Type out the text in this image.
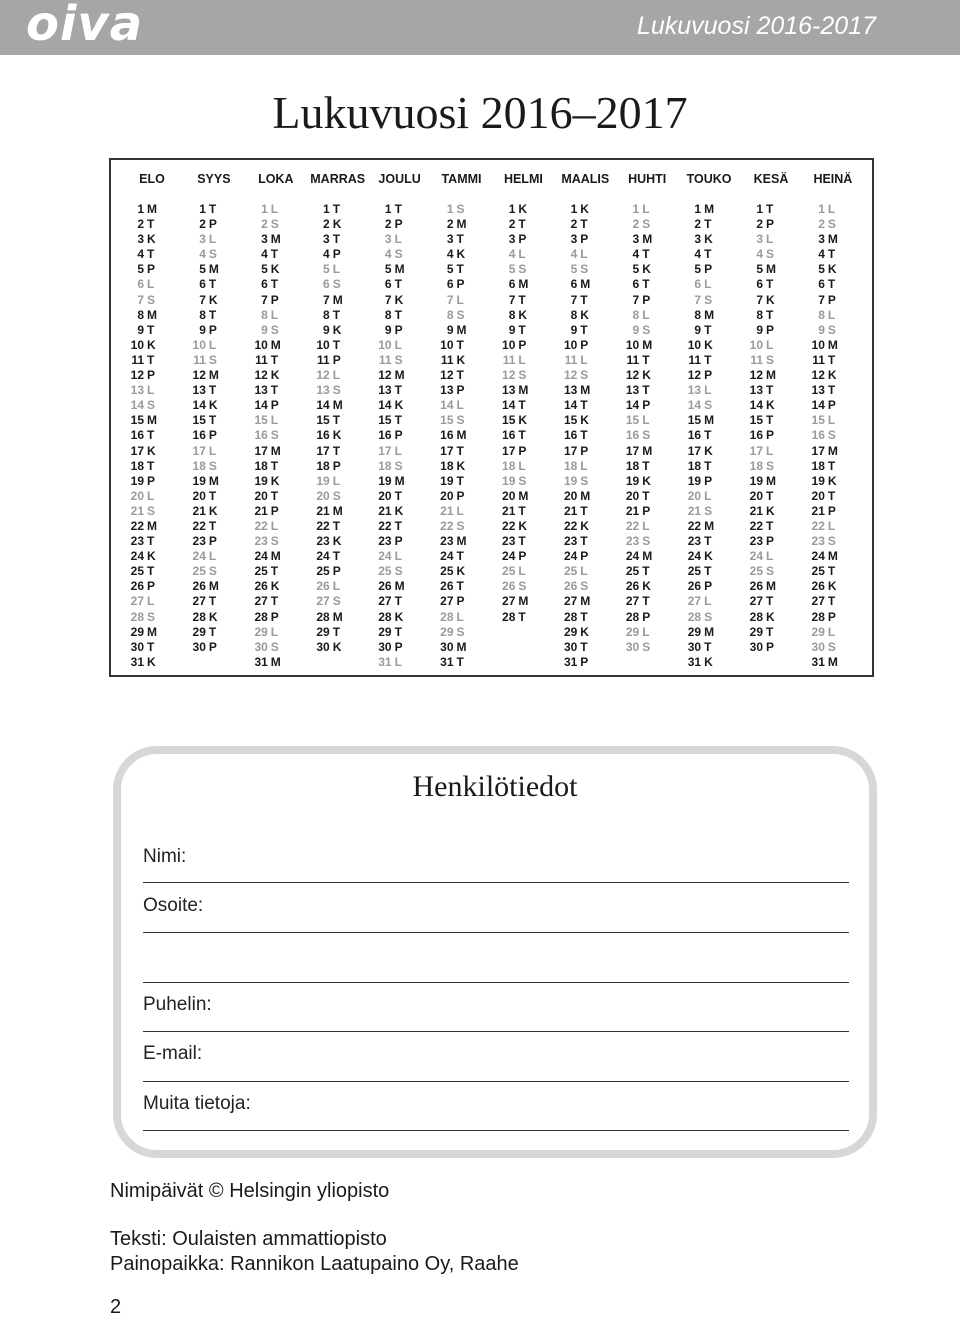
oiva	Lukuvuosi 2016-2017
Lukuvuosi 2016–2017
ELO
1 M
2 T
3 K
4 T
5 P
6 L
7 S
8 M
9 T
10 K
11 T
12 P
13 L
14 S
15 M
16 T
17 K
18 T
19 P
20 L
21 S
22 M
23 T
24 K
25 T
26 P
27 L
28 S
29 M
30 T
31 K
SYYS
1 T
2 P
3 L
4 S
5 M
6 T
7 K
8 T
9 P
10 L
11 S
12 M
13 T
14 K
15 T
16 P
17 L
18 S
19 M
20 T
21 K
22 T
23 P
24 L
25 S
26 M
27 T
28 K
29 T
30 P
LOKA
1 L
2 S
3 M
4 T
5 K
6 T
7 P
8 L
9 S
10 M
11 T
12 K
13 T
14 P
15 L
16 S
17 M
18 T
19 K
20 T
21 P
22 L
23 S
24 M
25 T
26 K
27 T
28 P
29 L
30 S
31 M
MARRAS
1 T
2 K
3 T
4 P
5 L
6 S
7 M
8 T
9 K
10 T
11 P
12 L
13 S
14 M
15 T
16 K
17 T
18 P
19 L
20 S
21 M
22 T
23 K
24 T
25 P
26 L
27 S
28 M
29 T
30 K
JOULU
1 T
2 P
3 L
4 S
5 M
6 T
7 K
8 T
9 P
10 L
11 S
12 M
13 T
14 K
15 T
16 P
17 L
18 S
19 M
20 T
21 K
22 T
23 P
24 L
25 S
26 M
27 T
28 K
29 T
30 P
31 L
TAMMI
1 S
2 M
3 T
4 K
5 T
6 P
7 L
8 S
9 M
10 T
11 K
12 T
13 P
14 L
15 S
16 M
17 T
18 K
19 T
20 P
21 L
22 S
23 M
24 T
25 K
26 T
27 P
28 L
29 S
30 M
31 T
HELMI
1 K
2 T
3 P
4 L
5 S
6 M
7 T
8 K
9 T
10 P
11 L
12 S
13 M
14 T
15 K
16 T
17 P
18 L
19 S
20 M
21 T
22 K
23 T
24 P
25 L
26 S
27 M
28 T
MAALIS
1 K
2 T
3 P
4 L
5 S
6 M
7 T
8 K
9 T
10 P
11 L
12 S
13 M
14 T
15 K
16 T
17 P
18 L
19 S
20 M
21 T
22 K
23 T
24 P
25 L
26 S
27 M
28 T
29 K
30 T
31 P
HUHTI
1 L
2 S
3 M
4 T
5 K
6 T
7 P
8 L
9 S
10 M
11 T
12 K
13 T
14 P
15 L
16 S
17 M
18 T
19 K
20 T
21 P
22 L
23 S
24 M
25 T
26 K
27 T
28 P
29 L
30 S
TOUKO
1 M
2 T
3 K
4 T
5 P
6 L
7 S
8 M
9 T
10 K
11 T
12 P
13 L
14 S
15 M
16 T
17 K
18 T
19 P
20 L
21 S
22 M
23 T
24 K
25 T
26 P
27 L
28 S
29 M
30 T
31 K
KESÄ
1 T
2 P
3 L
4 S
5 M
6 T
7 K
8 T
9 P
10 L
11 S
12 M
13 T
14 K
15 T
16 P
17 L
18 S
19 M
20 T
21 K
22 T
23 P
24 L
25 S
26 M
27 T
28 K
29 T
30 P
HEINÄ
1 L
2 S
3 M
4 T
5 K
6 T
7 P
8 L
9 S
10 M
11 T
12 K
13 T
14 P
15 L
16 S
17 M
18 T
19 K
20 T
21 P
22 L
23 S
24 M
25 T
26 K
27 T
28 P
29 L
30 S
31 M
Henkilötiedot
Nimi:
Osoite:
Puhelin:
E-mail:
Muita tietoja:
Nimipäivät © Helsingin yliopisto
Teksti: Oulaisten ammattiopisto
Painopaikka: Rannikon Laatupaino Oy, Raahe
2
